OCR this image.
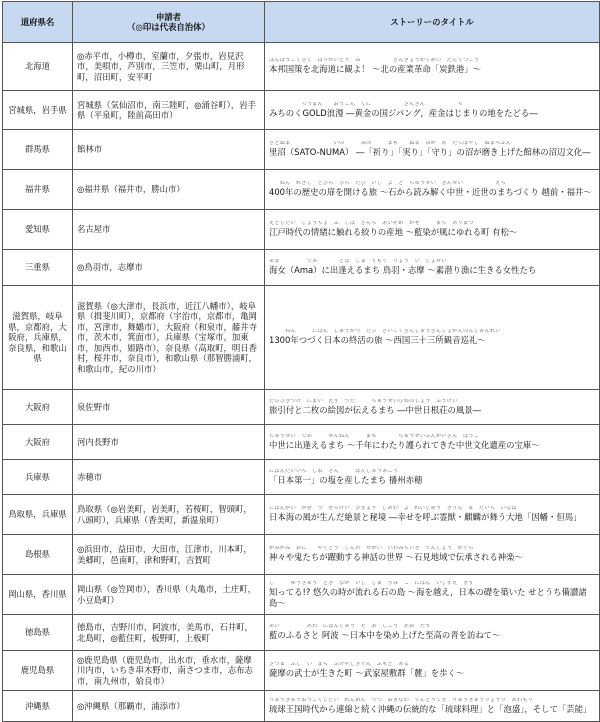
道府県名	申請者
（◎印は代表自治体）	ストーリーのタイトル
北海道	◎赤平市，小樽市，室蘭市，夕張市，岩見沢市，美唄市，芦別市，三笠市，栗山町，月形町，沼田町，安平町	ほんぽうこくさく　ほっかいどう　み　　　　　　さんぎょうかくめい　たんてつこう
本邦国策を北海道に観よ！ ～北の産業革命「炭鉄港」～

宮城県，岩手県	宮城県（気仙沼市，南三陸町，◎涌谷町），岩手県（平泉町，陸前高田市）	　　　　　　ろうまん　　おうごん　くに　　　　　　さんきん　　　　　　ち
みちのくGOLD浪漫 ―黄金の国ジパング，産金はじまりの地をたどる―

群馬県	館林市	さとぬま　　　　　　　　いの　　　みの　　　まも　　ぬま　みが　あ　たてばやし　ぬまべぶん
里沼（SATO-NUMA） ―「祈り」「実り」「守り」の沼が磨き上げた館林の沼辺文化―

福井県	◎福井県（福井市，勝山市）	　　ねん　れきし　とびら　ひら　たび　いし　よ　と　ちゅうせい　きんせい　　　　　　えち
400年の歴史の扉を開ける旅 ～石から読み解く中世・近世のまちづくり 越前・福井～

愛知県	名古屋市	えどじだい　じょうちょ　ふ　しぼ　さんち　あいぞめ　かぜ　　　まち　ありまつ
江戸時代の情緒に触れる絞りの産地 ～藍染が風にゆれる町 有松～

三重県	◎鳥羽市，志摩市	あま　　　　　であ　　　　とば　しま　すもぐ　りょう　い　じょせい
海女（Ama）に出逢えるまち 鳥羽・志摩 ～素潜り漁に生きる女性たち

滋賀県，岐阜県，京都府，大阪府，兵庫県，奈良県，和歌山県	滋賀県（◎大津市，長浜市，近江八幡市），岐阜県（揖斐川町），京都府（宇治市，京都市，亀岡市，宮津市，舞鶴市），大阪府（和泉市，藤井寺市，茨木市，箕面市），兵庫県（宝塚市，加東市，加西市，姫路市），奈良県（高取町，明日香村，桜井市，奈良市），和歌山県（那智勝浦町，和歌山市，紀の川市）	　　　ねん　　　にほん　しゅうかつ　たび　さいごくさんじゅうさんしょかんのんじゅんれい
1300年つづく日本の終活の旅 ～西国三十三所観音巡礼～

大阪府	泉佐野市	たびひきつけ　にまい　えず　つた　　　ちゅうせいひねのしょう　ふうけい
旅引付と二枚の絵図が伝えるまち ―中世日根荘の風景―

大阪府	河内長野市	ちゅうせい　であ　　　せんねん　　　まも　　　　ちゅうせいぶんかいさん　ほうこ
中世に出逢えるまち ～千年にわたり護られてきた中世文化遺産の宝庫～

兵庫県	赤穂市	にほんだいいち　しお　さん　　　ばんしゅうあこう
「日本第一」の塩を産したまち 播州赤穂

鳥取県，兵庫県	鳥取県（◎岩美町，岩美町，若桜町，智頭町，八頭町），兵庫県（香美町，新温泉町）	にほんかい　かぜ　う　ぜっけい　ひきょう　しあわ　よ　れいじゅう　きりん　ま　だいち　いなば
日本海の風が生んだ絶景と秘境 ―幸せを呼ぶ霊獣・麒麟が舞う大地「因幡・但馬」

島根県	◎浜田市，益田市，大田市，江津市，川本町，美郷町，邑南町，津和野町，吉賀町	かみがみ　おに　　やくどう　しんわ　せかい　いわみちいき　でんしょう　かぐら
神々や鬼たちが躍動する神話の世界 ～石見地域で伝承される神楽～

岡山県，香川県	岡山県（◎笠岡市），香川県（丸亀市，土庄町，小豆島町）	し　　　ゆうきゅう　とき　なが　いし　しま　うみ　こ　にほん　いしずえ　きず
知ってる!? 悠久の時が流れる石の島 ～海を越え，日本の礎を築いた せとうち備讃諸島～

徳島県	徳島市，吉野川市，阿波市，美馬市，石井町，北島町，◎藍住町，板野町，上板町	あい　　　　　あわ　にほんじゅう　そ　あ　しこう　あお　たず
藍のふるさと 阿波 ～日本中を染め上げた至高の青を訪ねて～

鹿児島県	◎鹿児島県（鹿児島市，出水市，垂水市，薩摩川内市，いちき串木野市，南さつま市，志布志市，南九州市，姶良市）	さつま　ぶし　い　まち　ぶけやしきぐん　ふもと　ある
薩摩の武士が生きた町 ～武家屋敷群「麓」を歩く～

沖縄県	◎沖縄県（那覇市，浦添市）	りゅうきゅうおうこくじだい　れんめん　つづ　おきなわ　でんとうてき　りゅうきゅうりょうり　あわもり
琉球王国時代から連綿と続く沖縄の伝統的な「琉球料理」と「泡盛」，そして「芸能」
